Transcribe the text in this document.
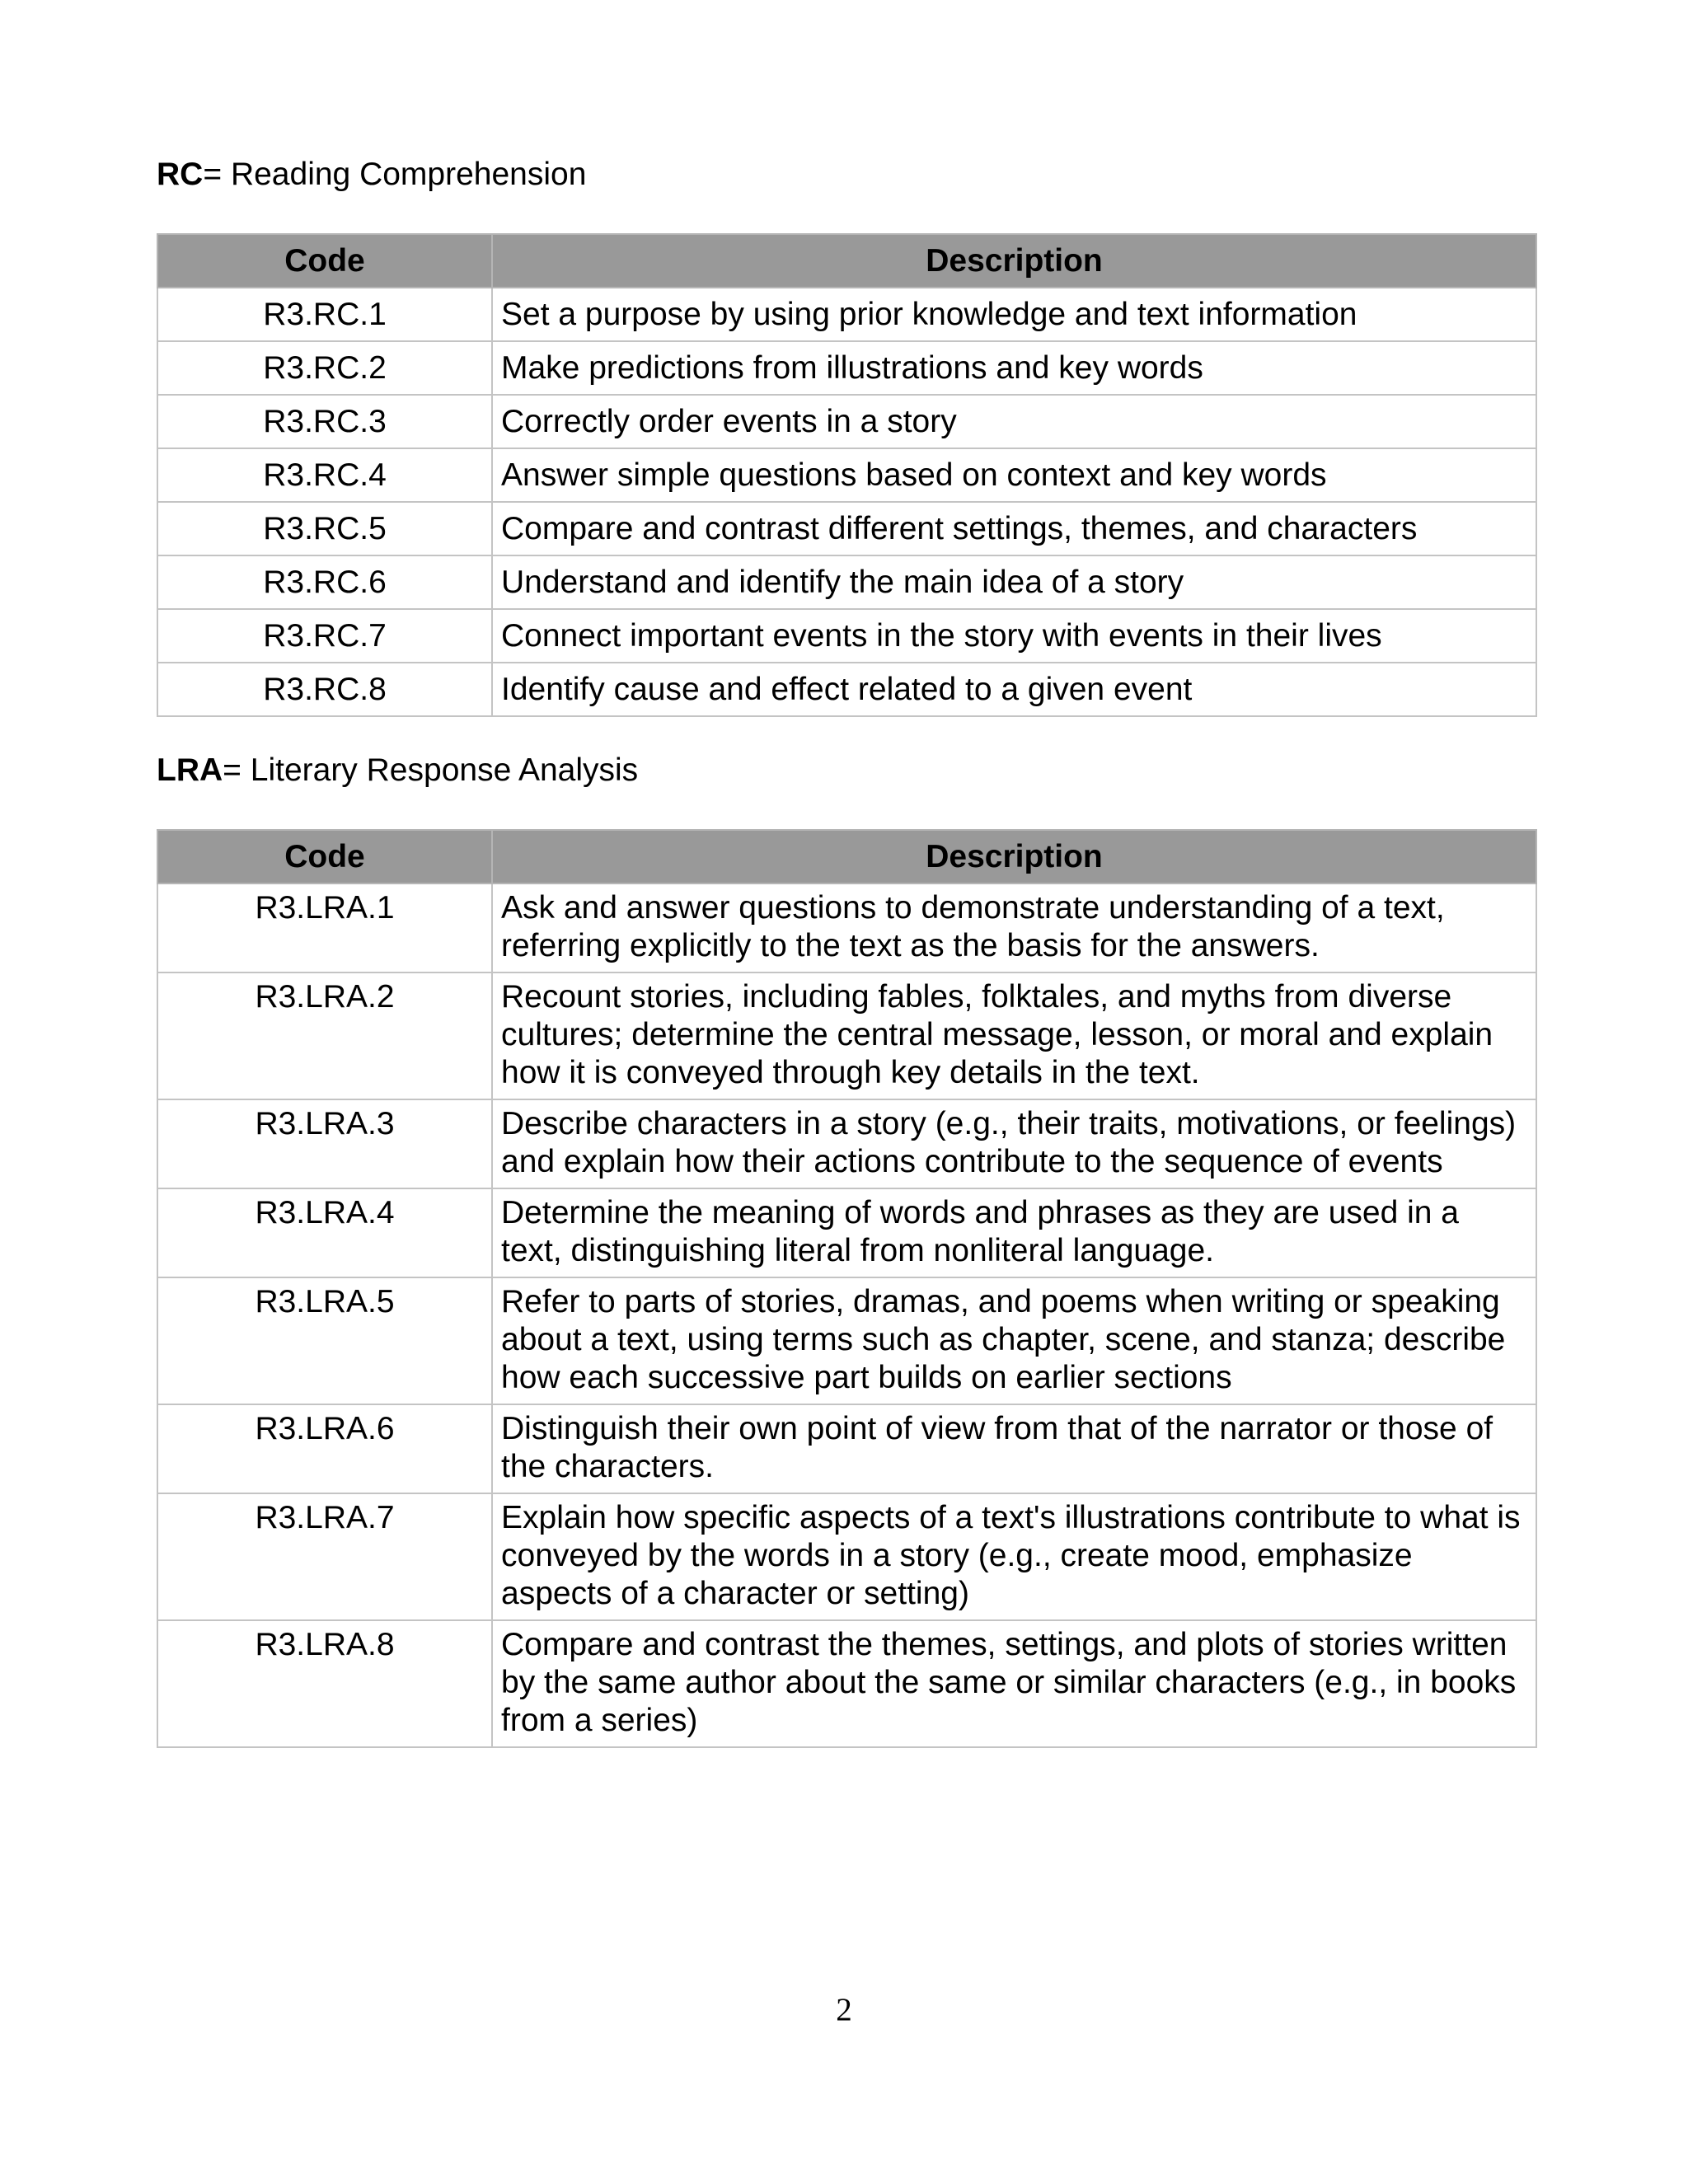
RC= Reading Comprehension
Code	Description
R3.RC.1	Set a purpose by using prior knowledge and text information
R3.RC.2	Make predictions from illustrations and key words
R3.RC.3	Correctly order events in a story
R3.RC.4	Answer simple questions based on context and key words
R3.RC.5	Compare and contrast different settings, themes, and characters
R3.RC.6	Understand and identify the main idea of a story
R3.RC.7	Connect important events in the story with events in their lives
R3.RC.8	Identify cause and effect related to a given event
LRA= Literary Response Analysis
Code	Description
R3.LRA.1	Ask and answer questions to demonstrate understanding of a text, referring explicitly to the text as the basis for the answers.
R3.LRA.2	Recount stories, including fables, folktales, and myths from diverse cultures; determine the central message, lesson, or moral and explain how it is conveyed through key details in the text.
R3.LRA.3	Describe characters in a story (e.g., their traits, motivations, or feelings) and explain how their actions contribute to the sequence of events
R3.LRA.4	Determine the meaning of words and phrases as they are used in a text, distinguishing literal from nonliteral language.
R3.LRA.5	Refer to parts of stories, dramas, and poems when writing or speaking about a text, using terms such as chapter, scene, and stanza; describe how each successive part builds on earlier sections
R3.LRA.6	Distinguish their own point of view from that of the narrator or those of the characters.
R3.LRA.7	Explain how specific aspects of a text's illustrations contribute to what is conveyed by the words in a story (e.g., create mood, emphasize aspects of a character or setting)
R3.LRA.8	Compare and contrast the themes, settings, and plots of stories written by the same author about the same or similar characters (e.g., in books from a series)
2
